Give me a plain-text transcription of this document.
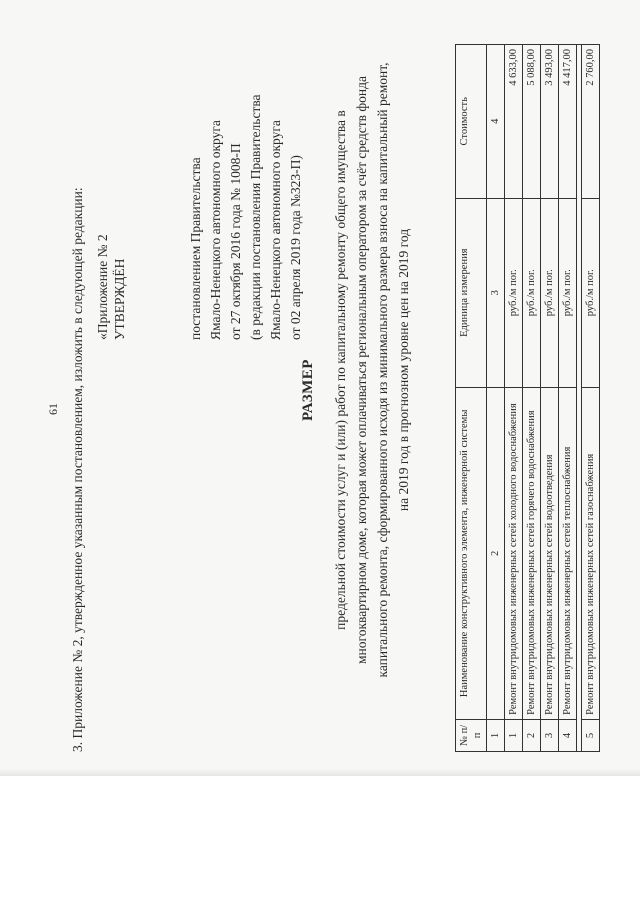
61 3. Приложение № 2, утвержденное указанным постановлением, изложить в следующей редакции: «Приложение № 2 УТВЕРЖДЁН	постановлением Правительства Ямало-Ненецкого автономного округа от 27 октября 2016 года № 1008-П (в редакции постановления Правительства Ямало-Ненецкого автономного округа от 02 апреля 2019 года №323-П)
РАЗМЕР предельной стоимости услуг и (или) работ по капитальному ремонту общего имущества в многоквартирном доме, которая может оплачиваться региональным оператором за счёт средств фонда капитального ремонта, сформированного исходя из минимального размера взноса на капитальный ремонт, на 2019 год в прогнозном уровне цен на 2019 год
№ п/п	Наименование конструктивного элемента, инженерной системы	Единица измерения	Стоимость
1	2	3	4
1	Ремонт внутридомовых инженерных сетей холодного водоснабжения	руб./м пог.	4 633,00
2	Ремонт внутридомовых инженерных сетей горячего водоснабжения	руб./м пог.	5 088,00
3	Ремонт внутридомовых инженерных сетей водоотведения	руб./м пог.	3 493,00
4	Ремонт внутридомовых инженерных сетей теплоснабжения	руб./м пог.	4 417,00

5	Ремонт внутридомовых инженерных сетей газоснабжения	руб./м пог.	2 760,00
